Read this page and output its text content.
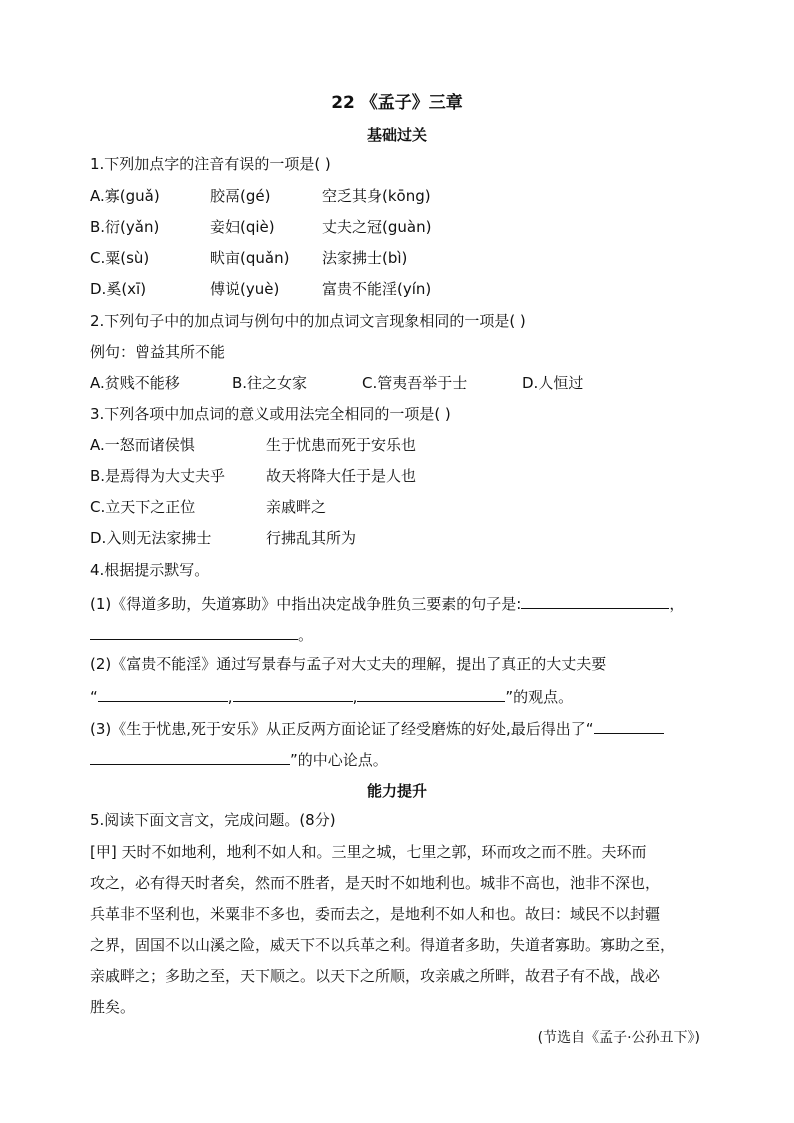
22 《孟子》三章
基础过关
1.下列加点字的注音有误的一项是( )
A.寡(guǎ)	胶鬲(gé)	空乏其身(kōng)
B.衍(yǎn)	妾妇(qiè)	丈夫之冠(guàn)
C.粟(sù)	畎亩(quǎn) 法家拂士(bì)
D.奚(xī)	傅说(yuè)	富贵不能淫(yín)
2.下列句子中的加点词与例句中的加点词文言现象相同的一项是( )
例句：曾益其所不能
A.贫贱不能移	B.往之女家	C.管夷吾举于士	D.人恒过
3.下列各项中加点词的意义或用法完全相同的一项是( )
A.一怒而诸侯惧	生于忧患而死于安乐也
B.是焉得为大丈夫乎	故天将降大任于是人也
C.立天下之正位	亲戚畔之
D.入则无法家拂士	行拂乱其所为
4.根据提示默写。
(1)《得道多助，失道寡助》中指出决定战争胜负三要素的句子是:	，
。
(2)《富贵不能淫》通过写景春与孟子对大丈夫的理解，提出了真正的大丈夫要
“	,	,	”的观点。
(3)《生于忧患,死于安乐》从正反两方面论证了经受磨炼的好处,最后得出了“
”的中心论点。
能力提升
5.阅读下面文言文，完成问题。(8分)
[甲] 天时不如地利，地利不如人和。三里之城，七里之郭，环而攻之而不胜。夫环而
攻之，必有得天时者矣，然而不胜者，是天时不如地利也。城非不高也，池非不深也，
兵革非不坚利也，米粟非不多也，委而去之，是地利不如人和也。故曰：域民不以封疆
之界，固国不以山溪之险，威天下不以兵革之利。得道者多助，失道者寡助。寡助之至，
亲戚畔之；多助之至，天下顺之。以天下之所顺，攻亲戚之所畔，故君子有不战，战必
胜矣。
(节选自《孟子·公孙丑下》)
